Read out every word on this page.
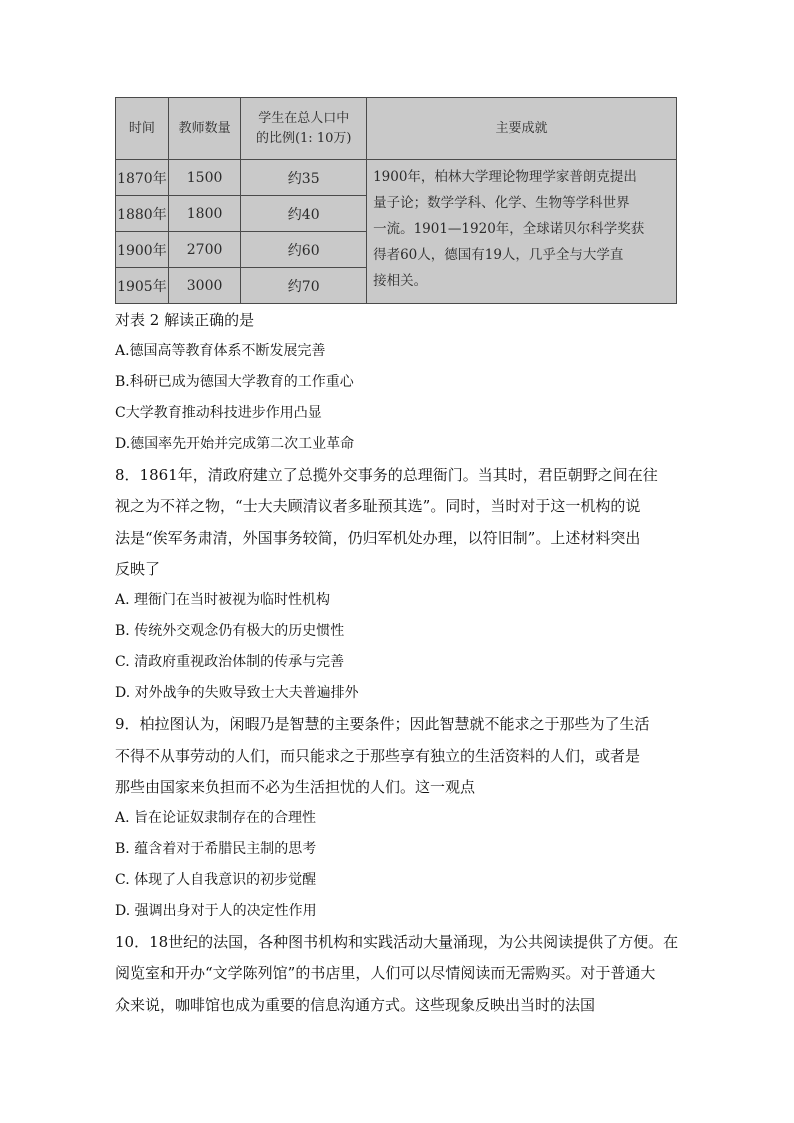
时间	教师数量	学生在总人口中
的比例(1: 10万)	主要成就
1870年	1500	约35	1900年，柏林大学理论物理学家普朗克提出
量子论；数学学科、化学、生物等学科世界
一流。1901—1920年，全球诺贝尔科学奖获
得者60人，德国有19人，几乎全与大学直
接相关。

1880年	1800	约40	
1900年	2700	约60	
1905年	3000	约70	
对表 2 解读正确的是
A.德国高等教育体系不断发展完善
B.科研已成为德国大学教育的工作重心
C大学教育推动科技进步作用凸显
D.德国率先开始并完成第二次工业革命
8．1861年，清政府建立了总揽外交事务的总理衙门。当其时，君臣朝野之间在往
视之为不祥之物，“士大夫顾清议者多耻预其选”。同时，当时对于这一机构的说
法是“俟军务肃清，外国事务较简，仍归军机处办理，以符旧制”。上述材料突出
反映了
A. 理衙门在当时被视为临时性机构
B. 传统外交观念仍有极大的历史惯性
C. 清政府重视政治体制的传承与完善
D. 对外战争的失败导致士大夫普遍排外
9．柏拉图认为，闲暇乃是智慧的主要条件；因此智慧就不能求之于那些为了生活
不得不从事劳动的人们，而只能求之于那些享有独立的生活资料的人们，或者是
那些由国家来负担而不必为生活担忧的人们。这一观点
A. 旨在论证奴隶制存在的合理性
B. 蕴含着对于希腊民主制的思考
C. 体现了人自我意识的初步觉醒
D. 强调出身对于人的决定性作用
10．18世纪的法国，各种图书机构和实践活动大量涌现，为公共阅读提供了方便。在
阅览室和开办“文学陈列馆”的书店里，人们可以尽情阅读而无需购买。对于普通大
众来说，咖啡馆也成为重要的信息沟通方式。这些现象反映出当时的法国
